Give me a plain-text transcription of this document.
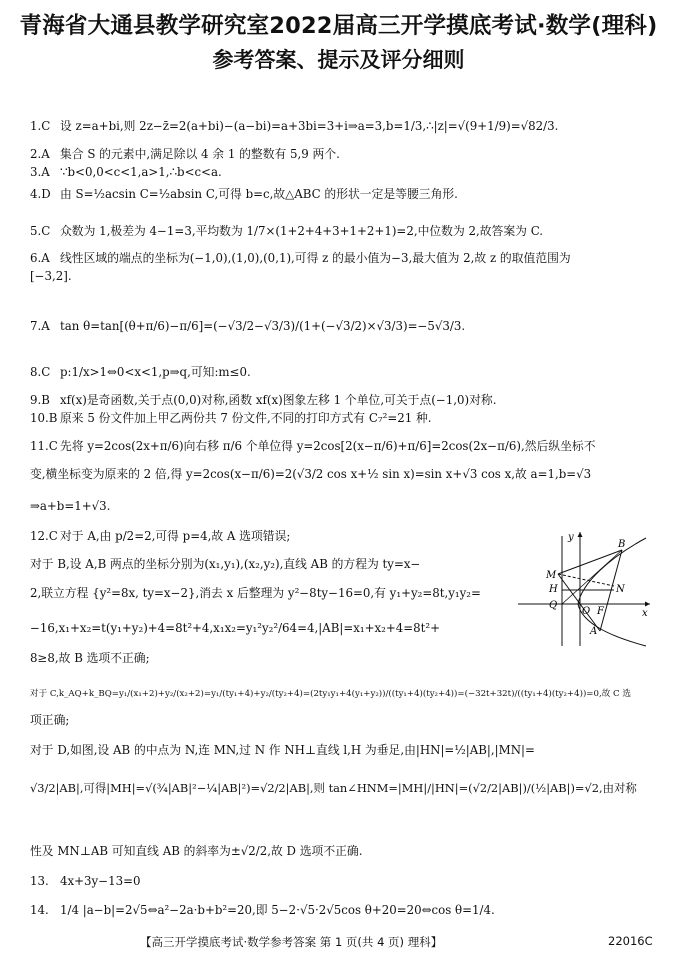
青海省大通县教学研究室2022届高三开学摸底考试·数学(理科)
参考答案、提示及评分细则
1.C 设 z=a+bi,则 2z−z̄=2(a+bi)−(a−bi)=a+3bi=3+i⇒a=3,b=1/3,∴|z|=√(9+1/9)=√82/3.
2.A 集合 S 的元素中,满足除以 4 余 1 的整数有 5,9 两个.
3.A ∵b<0,0<c<1,a>1,∴b<c<a.
4.D 由 S=½acsin C=½absin C,可得 b=c,故△ABC 的形状一定是等腰三角形.
5.C 众数为 1,极差为 4−1=3,平均数为 1/7×(1+2+4+3+1+2+1)=2,中位数为 2,故答案为 C.
6.A 线性区域的端点的坐标为(−1,0),(1,0),(0,1),可得 z 的最小值为−3,最大值为 2,故 z 的取值范围为
[−3,2].
7.A tan θ=tan[(θ+π/6)−π/6]=(−√3/2−√3/3)/(1+(−√3/2)×√3/3)=−5√3/3.
8.C p:1/x>1⇔0<x<1,p⇒q,可知:m≤0.
9.B xf(x)是奇函数,关于点(0,0)对称,函数 xf(x)图象左移 1 个单位,可关于点(−1,0)对称.
10.B 原来 5 份文件加上甲乙两份共 7 份文件,不同的打印方式有 C₇²=21 种.
11.C 先将 y=2cos(2x+π/6)向右移 π/6 个单位得 y=2cos[2(x−π/6)+π/6]=2cos(2x−π/6),然后纵坐标不
变,横坐标变为原来的 2 倍,得 y=2cos(x−π/6)=2(√3/2 cos x+½ sin x)=sin x+√3 cos x,故 a=1,b=√3
⇒a+b=1+√3.
12.C 对于 A,由 p/2=2,可得 p=4,故 A 选项错误;
对于 B,设 A,B 两点的坐标分别为(x₁,y₁),(x₂,y₂),直线 AB 的方程为 ty=x−
2,联立方程 {y²=8x, ty=x−2},消去 x 后整理为 y²−8ty−16=0,有 y₁+y₂=8t,y₁y₂=
−16,x₁+x₂=t(y₁+y₂)+4=8t²+4,x₁x₂=y₁²y₂²/64=4,|AB|=x₁+x₂+4=8t²+
8≥8,故 B 选项不正确;
对于 C,k_AQ+k_BQ=y₁/(x₁+2)+y₂/(x₂+2)=y₁/(ty₁+4)+y₂/(ty₂+4)=(2ty₁y₁+4(y₁+y₂))/((ty₁+4)(ty₂+4))=(−32t+32t)/((ty₁+4)(ty₂+4))=0,故 C 选
项正确;
对于 D,如图,设 AB 的中点为 N,连 MN,过 N 作 NH⊥直线 l,H 为垂足,由|HN|=½|AB|,|MN|=
√3/2|AB|,可得|MH|=√(¾|AB|²−¼|AB|²)=√2/2|AB|,则 tan∠HNM=|MH|/|HN|=(√2/2|AB|)/(½|AB|)=√2,由对称
性及 MN⊥AB 可知直线 AB 的斜率为±√2/2,故 D 选项不正确.
13. 4x+3y−13=0
14. 1/4 |a−b|=2√5⇔a²−2a·b+b²=20,即 5−2·√5·2√5cos θ+20=20⇔cos θ=1/4.
y
B
M
H
Q
O F
N
A
x
【高三开学摸底考试·数学参考答案 第 1 页(共 4 页) 理科】	22016C
